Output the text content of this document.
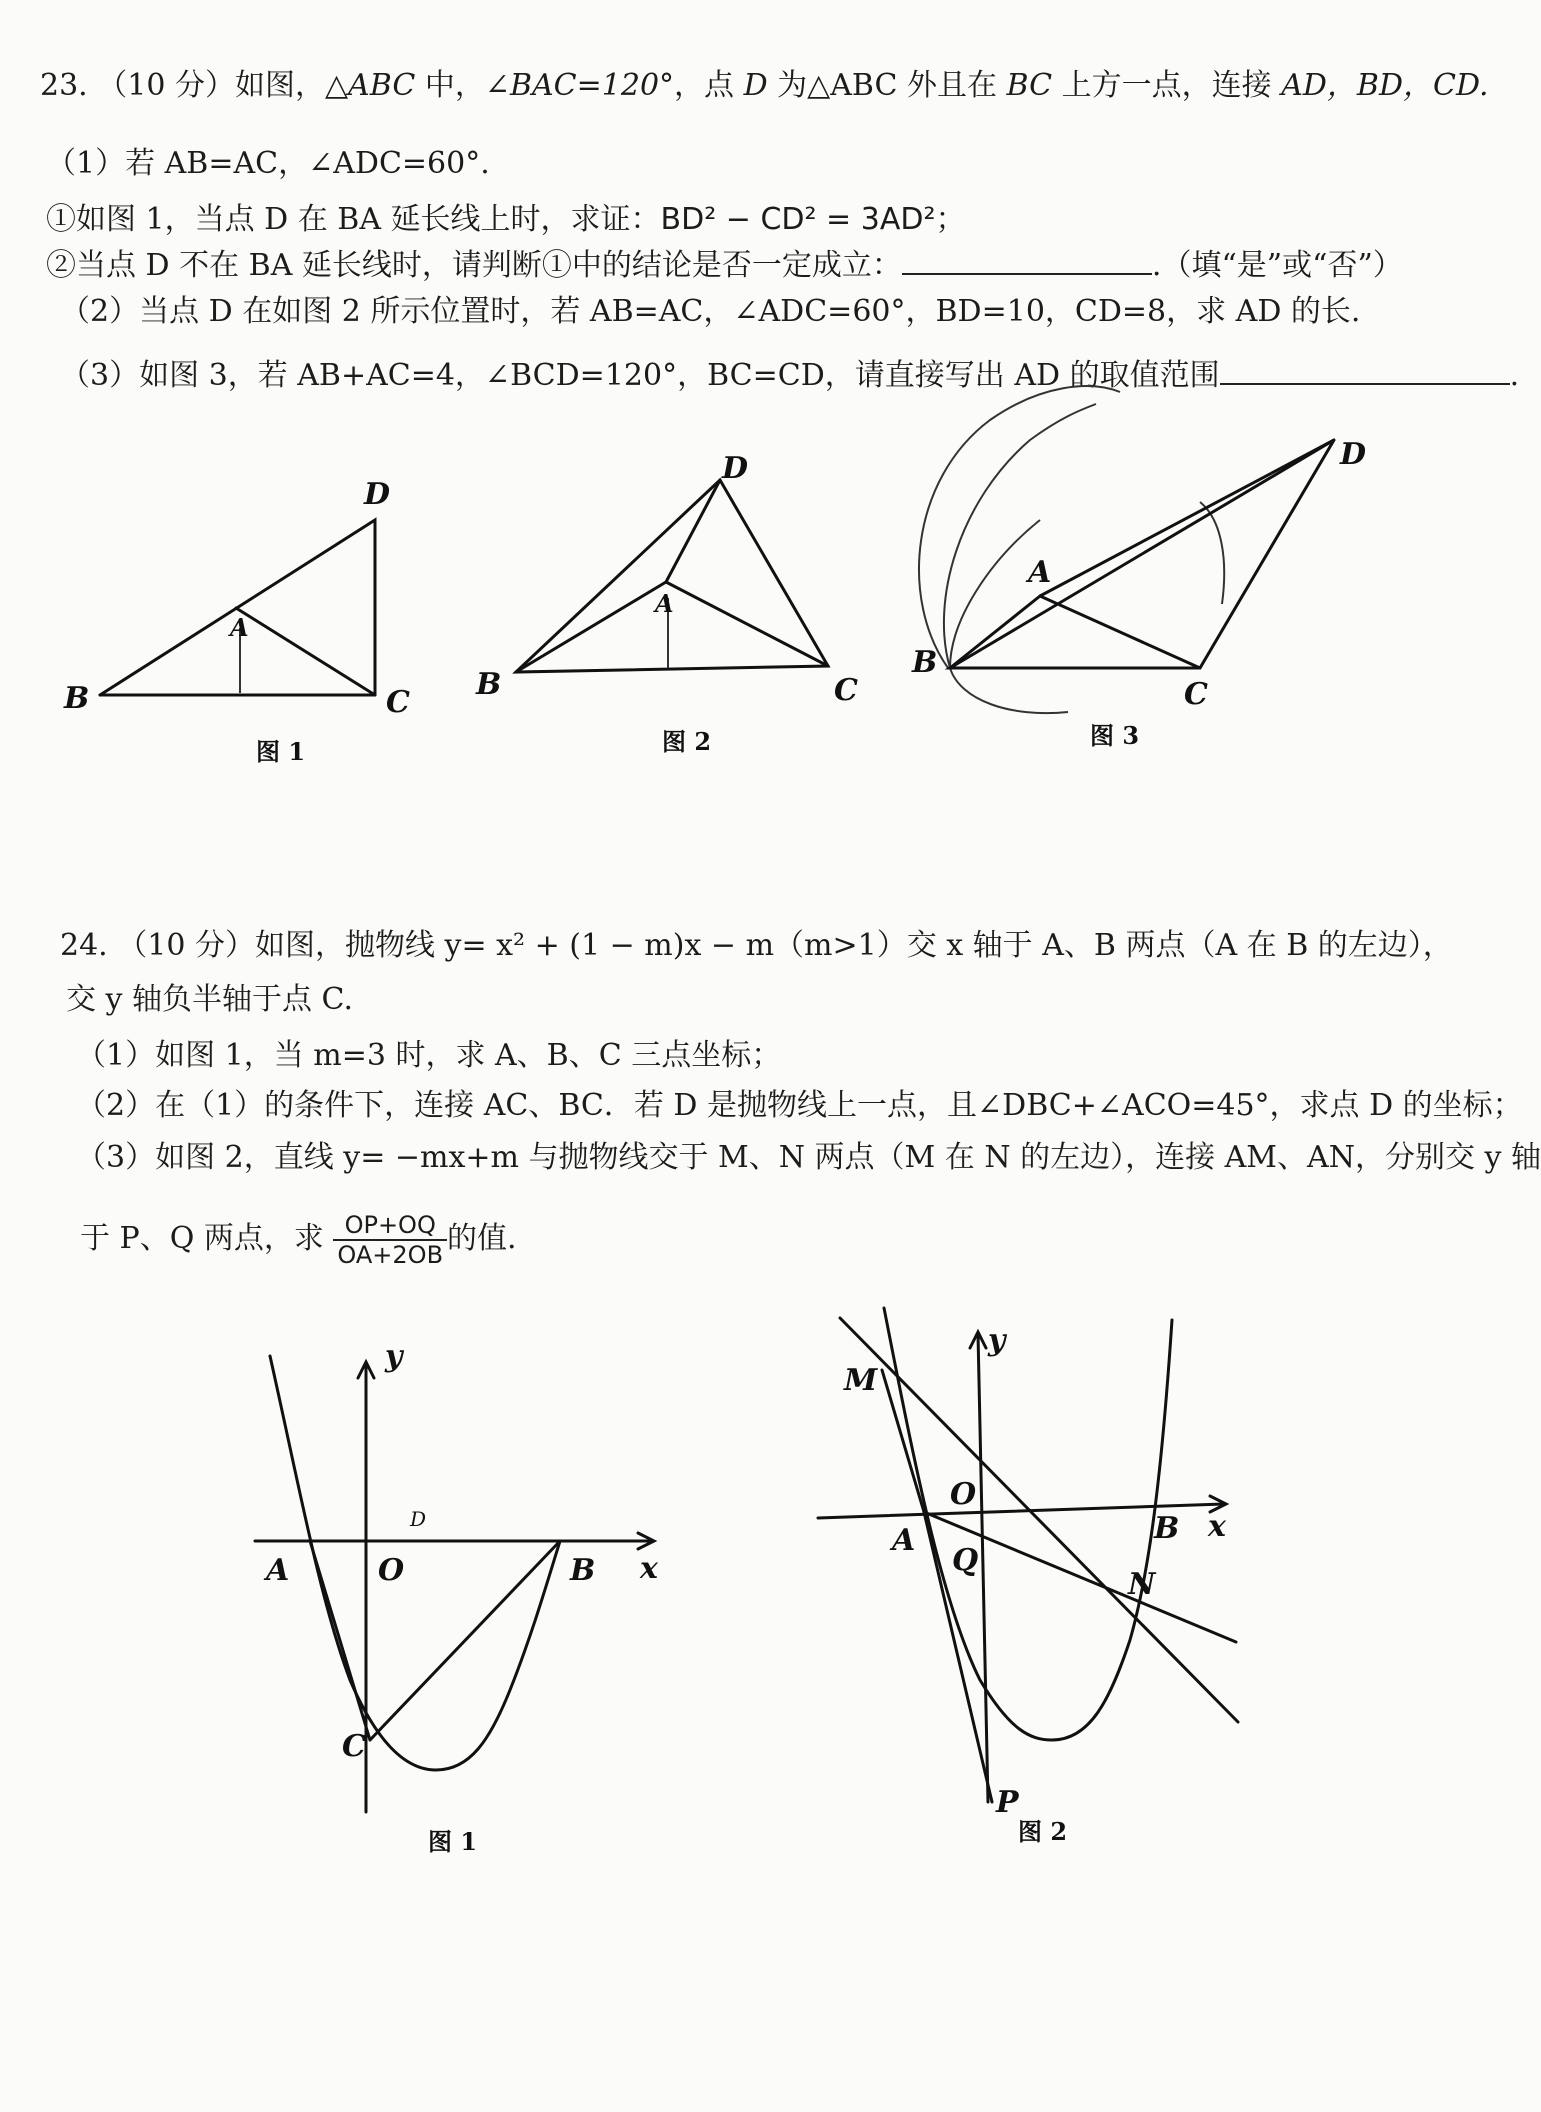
23. （10 分）如图，△ABC 中，∠BAC=120°，点 D 为△ABC 外且在 BC 上方一点，连接 AD，BD，CD.
（1）若 AB=AC，∠ADC=60°.
①如图 1，当点 D 在 BA 延长线上时，求证：BD² − CD² = 3AD²；
②当点 D 不在 BA 延长线时，请判断①中的结论是否一定成立：	.（填“是”或“否”）
（2）当点 D 在如图 2 所示位置时，若 AB=AC，∠ADC=60°，BD=10，CD=8，求 AD 的长.
（3）如图 3，若 AB+AC=4，∠BCD=120°，BC=CD，请直接写出 AD 的取值范围	.
24. （10 分）如图，抛物线 y= x² + (1 − m)x − m（m>1）交 x 轴于 A、B 两点（A 在 B 的左边），
交 y 轴负半轴于点 C.
（1）如图 1，当 m=3 时，求 A、B、C 三点坐标；
（2）在（1）的条件下，连接 AC、BC．若 D 是抛物线上一点，且∠DBC+∠ACO=45°，求点 D 的坐标；
（3）如图 2，直线 y= −mx+m 与抛物线交于 M、N 两点（M 在 N 的左边），连接 AM、AN，分别交 y 轴
于 P、Q 两点，求 $\frac{OP+OQ}{OA+2OB}$ 的值.
D
A
B	C
图 1
D
A
B	C
图 2
D
A
B
C
图 3
y
x
A	O	B
C
D
图 1
y
x
M
O
A	B
Q
N
P
图 2
